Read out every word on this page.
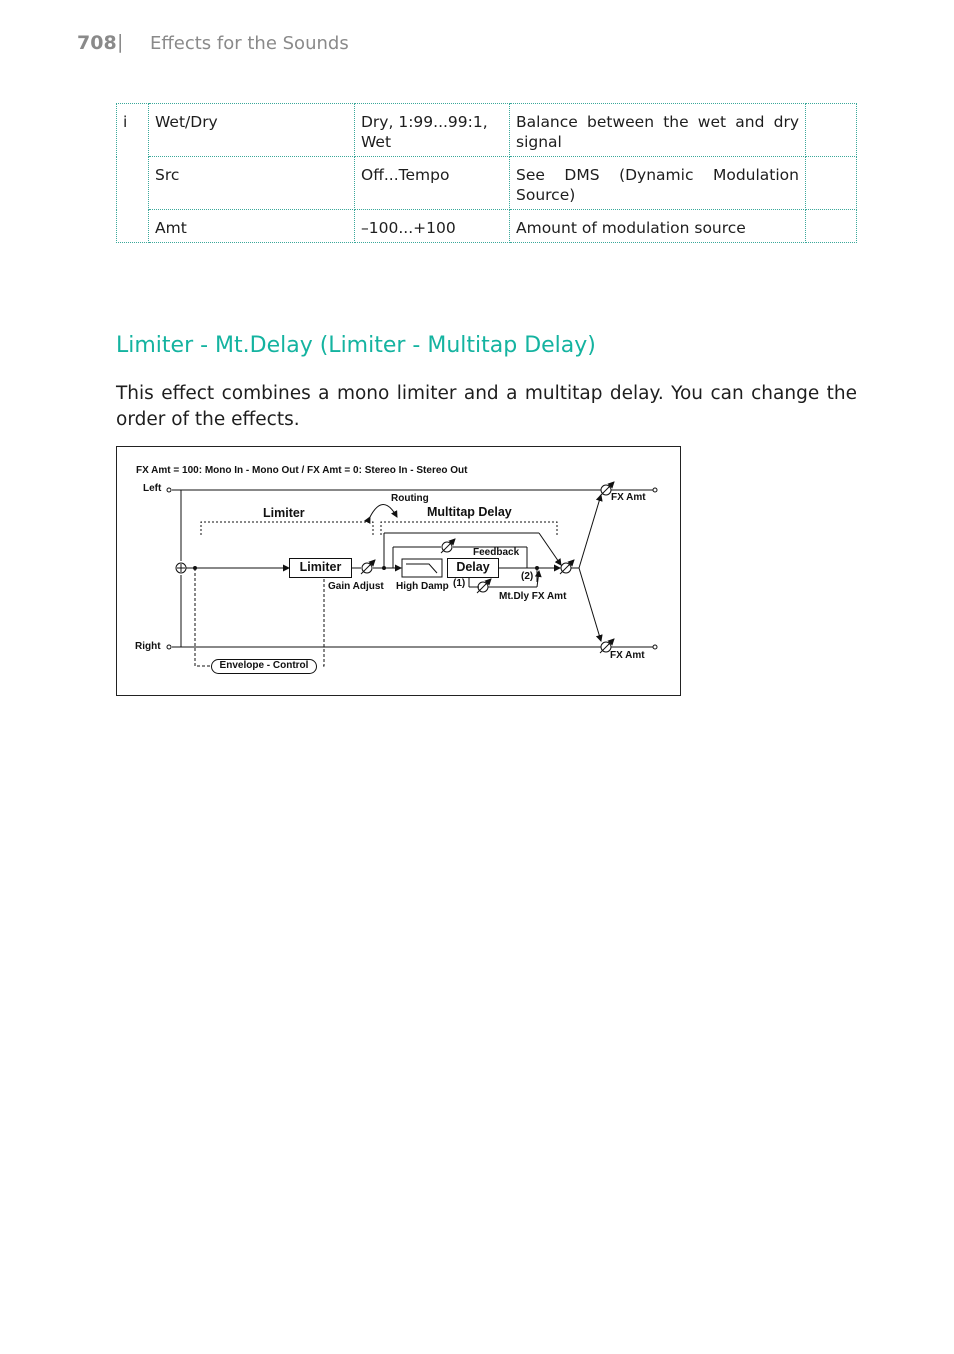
708 | Effects for the Sounds
i	Wet/Dry	Dry, 1:99...99:1, Wet	Balance between the wet and dry signal	
	Src	Off...Tempo	See DMS (Dynamic Modulation Source)	
	Amt	–100...+100	Amount of modulation source	
Limiter - Mt.Delay (Limiter - Multitap Delay)
This effect combines a mono limiter and a multitap delay. You can change the order of the effects.
FX Amt = 100: Mono In - Mono Out / FX Amt = 0: Stereo In - Stereo Out
Left
Right
Routing
Limiter	Multitap Delay
Feedback
Limiter	Delay
Gain Adjust High Damp (1)
(2)
Mt.Dly FX Amt
FX Amt
FX Amt
Envelope - Control
